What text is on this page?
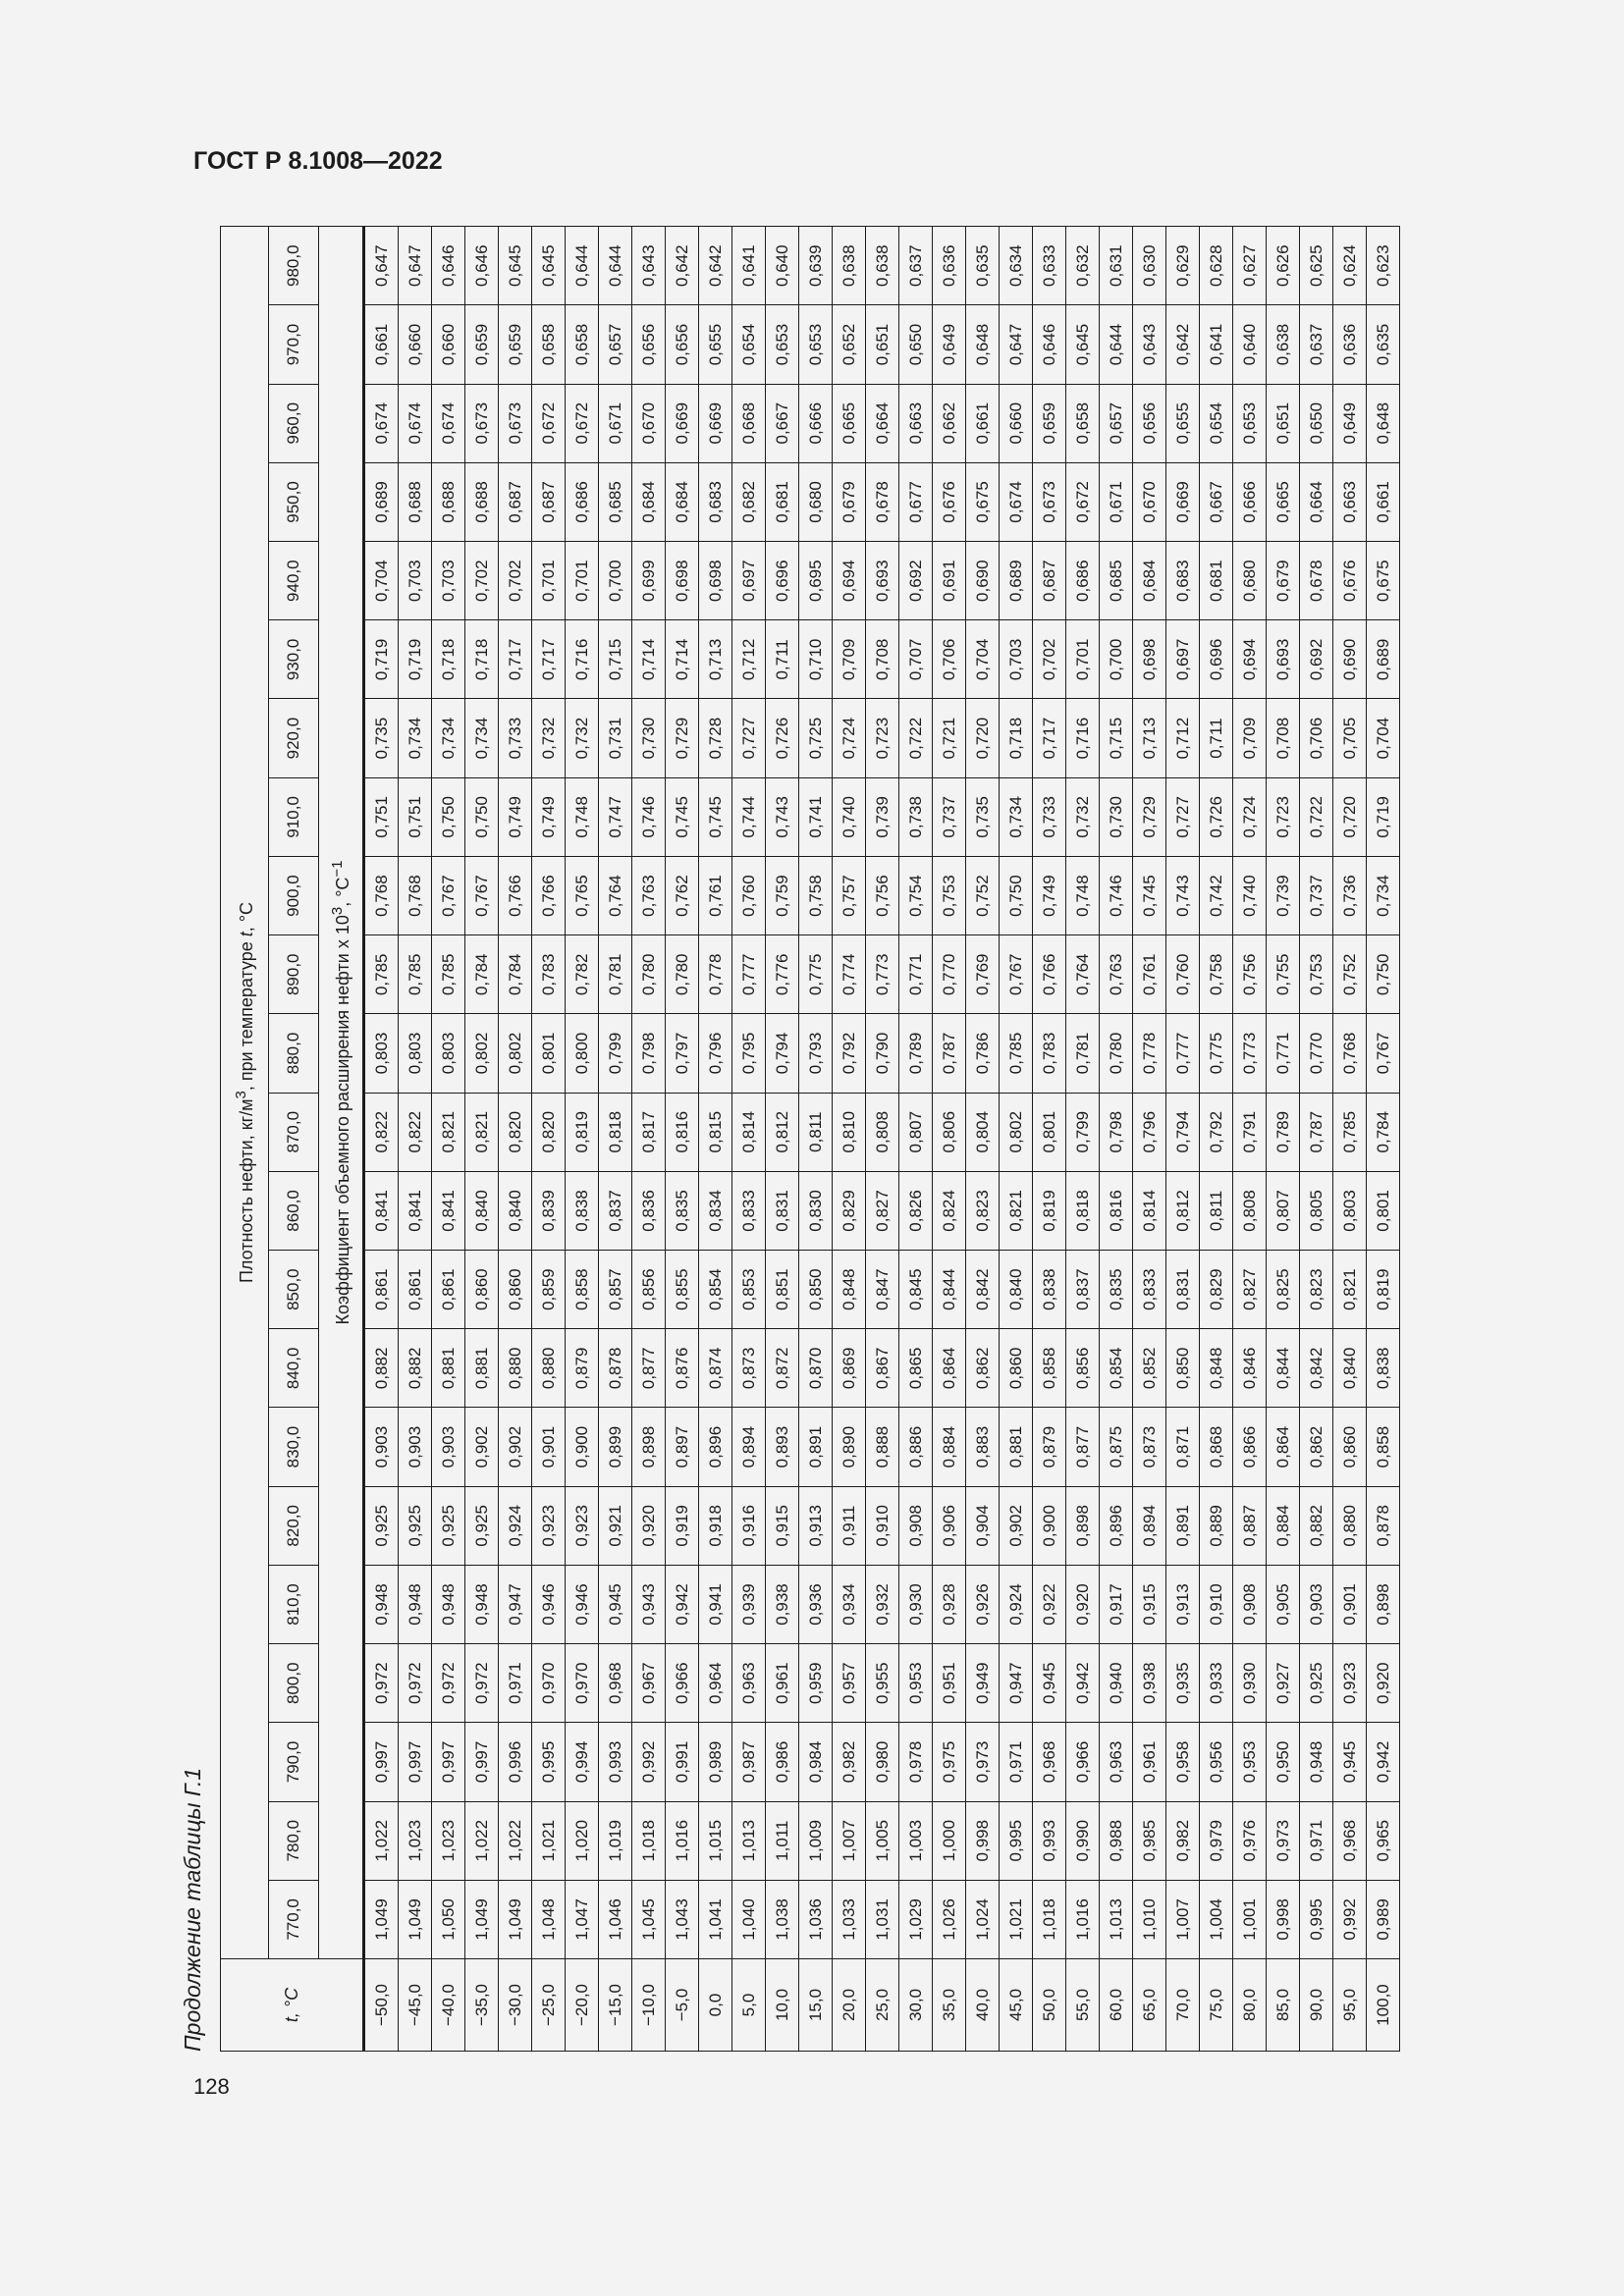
ГОСТ Р 8.1008—2022

Продолжение таблицы Г.1	t, °C	Плотность нефти, $кг/м^3$, при температуре t, °С																					
	770,0	780,0	790,0	800,0	810,0	820,0	830,0	840,0	850,0	860,0	870,0	880,0	890,0	900,0	910,0	920,0	930,0	940,0	950,0	960,0	970,0	980,0
	Коэффициент объемного расширения нефти x $10^3$, $^\circ С^{-1}$
−50,0	1,049	1,022	0,997	0,972	0,948	0,925	0,903	0,882	0,861	0,841	0,822	0,803	0,785	0,768	0,751	0,735	0,719	0,704	0,689	0,674	0,661	0,647
−45,0	1,049	1,023	0,997	0,972	0,948	0,925	0,903	0,882	0,861	0,841	0,822	0,803	0,785	0,768	0,751	0,734	0,719	0,703	0,688	0,674	0,660	0,647
−40,0	1,050	1,023	0,997	0,972	0,948	0,925	0,903	0,881	0,861	0,841	0,821	0,803	0,785	0,767	0,750	0,734	0,718	0,703	0,688	0,674	0,660	0,646
−35,0	1,049	1,022	0,997	0,972	0,948	0,925	0,902	0,881	0,860	0,840	0,821	0,802	0,784	0,767	0,750	0,734	0,718	0,702	0,688	0,673	0,659	0,646
−30,0	1,049	1,022	0,996	0,971	0,947	0,924	0,902	0,880	0,860	0,840	0,820	0,802	0,784	0,766	0,749	0,733	0,717	0,702	0,687	0,673	0,659	0,645
−25,0	1,048	1,021	0,995	0,970	0,946	0,923	0,901	0,880	0,859	0,839	0,820	0,801	0,783	0,766	0,749	0,732	0,717	0,701	0,687	0,672	0,658	0,645
−20,0	1,047	1,020	0,994	0,970	0,946	0,923	0,900	0,879	0,858	0,838	0,819	0,800	0,782	0,765	0,748	0,732	0,716	0,701	0,686	0,672	0,658	0,644
−15,0	1,046	1,019	0,993	0,968	0,945	0,921	0,899	0,878	0,857	0,837	0,818	0,799	0,781	0,764	0,747	0,731	0,715	0,700	0,685	0,671	0,657	0,644
−10,0	1,045	1,018	0,992	0,967	0,943	0,920	0,898	0,877	0,856	0,836	0,817	0,798	0,780	0,763	0,746	0,730	0,714	0,699	0,684	0,670	0,656	0,643
−5,0	1,043	1,016	0,991	0,966	0,942	0,919	0,897	0,876	0,855	0,835	0,816	0,797	0,780	0,762	0,745	0,729	0,714	0,698	0,684	0,669	0,656	0,642
0,0	1,041	1,015	0,989	0,964	0,941	0,918	0,896	0,874	0,854	0,834	0,815	0,796	0,778	0,761	0,745	0,728	0,713	0,698	0,683	0,669	0,655	0,642
5,0	1,040	1,013	0,987	0,963	0,939	0,916	0,894	0,873	0,853	0,833	0,814	0,795	0,777	0,760	0,744	0,727	0,712	0,697	0,682	0,668	0,654	0,641
10,0	1,038	1,011	0,986	0,961	0,938	0,915	0,893	0,872	0,851	0,831	0,812	0,794	0,776	0,759	0,743	0,726	0,711	0,696	0,681	0,667	0,653	0,640
15,0	1,036	1,009	0,984	0,959	0,936	0,913	0,891	0,870	0,850	0,830	0,811	0,793	0,775	0,758	0,741	0,725	0,710	0,695	0,680	0,666	0,653	0,639
20,0	1,033	1,007	0,982	0,957	0,934	0,911	0,890	0,869	0,848	0,829	0,810	0,792	0,774	0,757	0,740	0,724	0,709	0,694	0,679	0,665	0,652	0,638
25,0	1,031	1,005	0,980	0,955	0,932	0,910	0,888	0,867	0,847	0,827	0,808	0,790	0,773	0,756	0,739	0,723	0,708	0,693	0,678	0,664	0,651	0,638
30,0	1,029	1,003	0,978	0,953	0,930	0,908	0,886	0,865	0,845	0,826	0,807	0,789	0,771	0,754	0,738	0,722	0,707	0,692	0,677	0,663	0,650	0,637
35,0	1,026	1,000	0,975	0,951	0,928	0,906	0,884	0,864	0,844	0,824	0,806	0,787	0,770	0,753	0,737	0,721	0,706	0,691	0,676	0,662	0,649	0,636
40,0	1,024	0,998	0,973	0,949	0,926	0,904	0,883	0,862	0,842	0,823	0,804	0,786	0,769	0,752	0,735	0,720	0,704	0,690	0,675	0,661	0,648	0,635
45,0	1,021	0,995	0,971	0,947	0,924	0,902	0,881	0,860	0,840	0,821	0,802	0,785	0,767	0,750	0,734	0,718	0,703	0,689	0,674	0,660	0,647	0,634
50,0	1,018	0,993	0,968	0,945	0,922	0,900	0,879	0,858	0,838	0,819	0,801	0,783	0,766	0,749	0,733	0,717	0,702	0,687	0,673	0,659	0,646	0,633
55,0	1,016	0,990	0,966	0,942	0,920	0,898	0,877	0,856	0,837	0,818	0,799	0,781	0,764	0,748	0,732	0,716	0,701	0,686	0,672	0,658	0,645	0,632
60,0	1,013	0,988	0,963	0,940	0,917	0,896	0,875	0,854	0,835	0,816	0,798	0,780	0,763	0,746	0,730	0,715	0,700	0,685	0,671	0,657	0,644	0,631
65,0	1,010	0,985	0,961	0,938	0,915	0,894	0,873	0,852	0,833	0,814	0,796	0,778	0,761	0,745	0,729	0,713	0,698	0,684	0,670	0,656	0,643	0,630
70,0	1,007	0,982	0,958	0,935	0,913	0,891	0,871	0,850	0,831	0,812	0,794	0,777	0,760	0,743	0,727	0,712	0,697	0,683	0,669	0,655	0,642	0,629
75,0	1,004	0,979	0,956	0,933	0,910	0,889	0,868	0,848	0,829	0,811	0,792	0,775	0,758	0,742	0,726	0,711	0,696	0,681	0,667	0,654	0,641	0,628
80,0	1,001	0,976	0,953	0,930	0,908	0,887	0,866	0,846	0,827	0,808	0,791	0,773	0,756	0,740	0,724	0,709	0,694	0,680	0,666	0,653	0,640	0,627
85,0	0,998	0,973	0,950	0,927	0,905	0,884	0,864	0,844	0,825	0,807	0,789	0,771	0,755	0,739	0,723	0,708	0,693	0,679	0,665	0,651	0,638	0,626
90,0	0,995	0,971	0,948	0,925	0,903	0,882	0,862	0,842	0,823	0,805	0,787	0,770	0,753	0,737	0,722	0,706	0,692	0,678	0,664	0,650	0,637	0,625
95,0	0,992	0,968	0,945	0,923	0,901	0,880	0,860	0,840	0,821	0,803	0,785	0,768	0,752	0,736	0,720	0,705	0,690	0,676	0,663	0,649	0,636	0,624
100,0	0,989	0,965	0,942	0,920	0,898	0,878	0,858	0,838	0,819	0,801	0,784	0,767	0,750	0,734	0,719	0,704	0,689	0,675	0,661	0,648	0,635	0,623
128
